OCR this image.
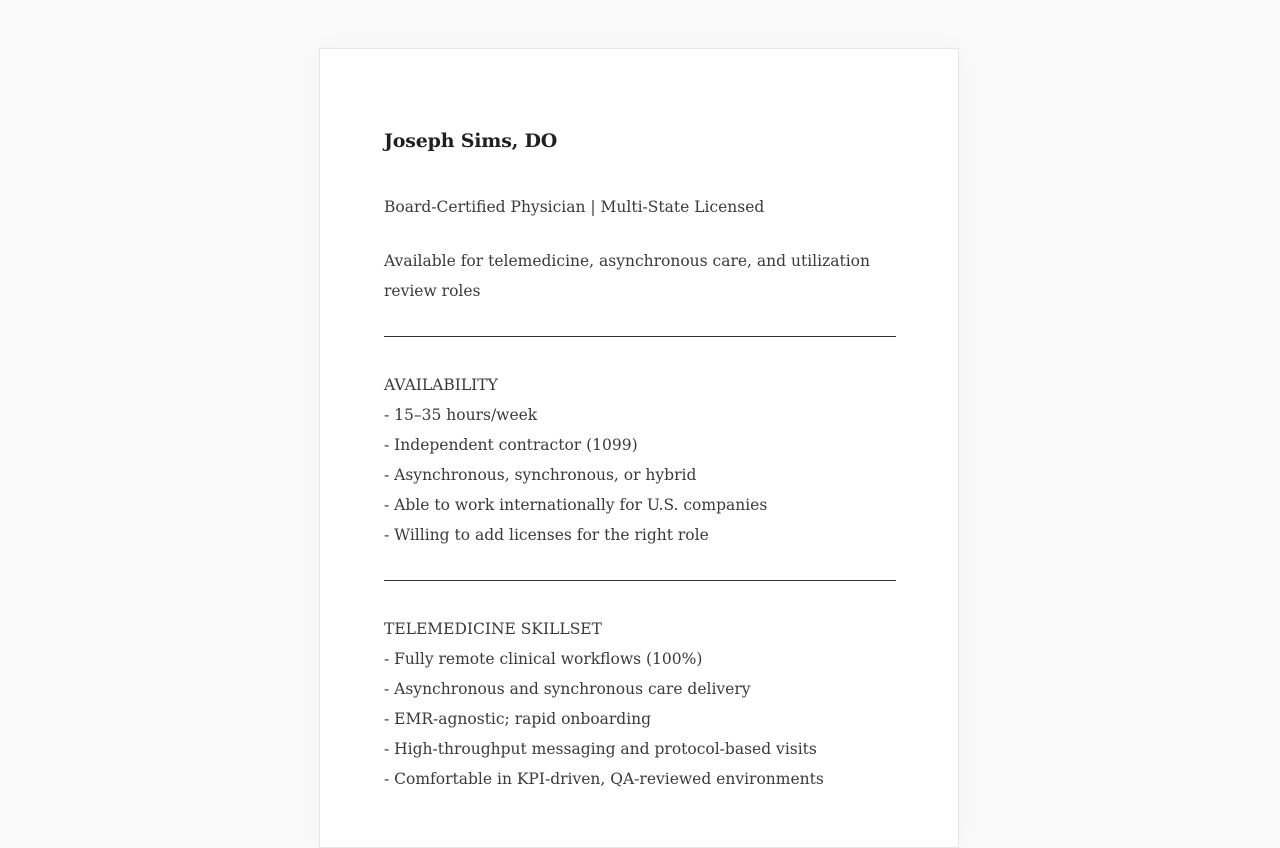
Joseph Sims, DO

Board-Certified Physician | Multi-State Licensed

Available for telemedicine, asynchronous care, and utilization review roles

AVAILABILITY

- 15–35 hours/week
- Independent contractor (1099)
- Asynchronous, synchronous, or hybrid
- Able to work internationally for U.S. companies
- Willing to add licenses for the right role

TELEMEDICINE SKILLSET

- Fully remote clinical workflows (100%)
- Asynchronous and synchronous care delivery
- EMR-agnostic; rapid onboarding
- High-throughput messaging and protocol-based visits
- Comfortable in KPI-driven, QA-reviewed environments
